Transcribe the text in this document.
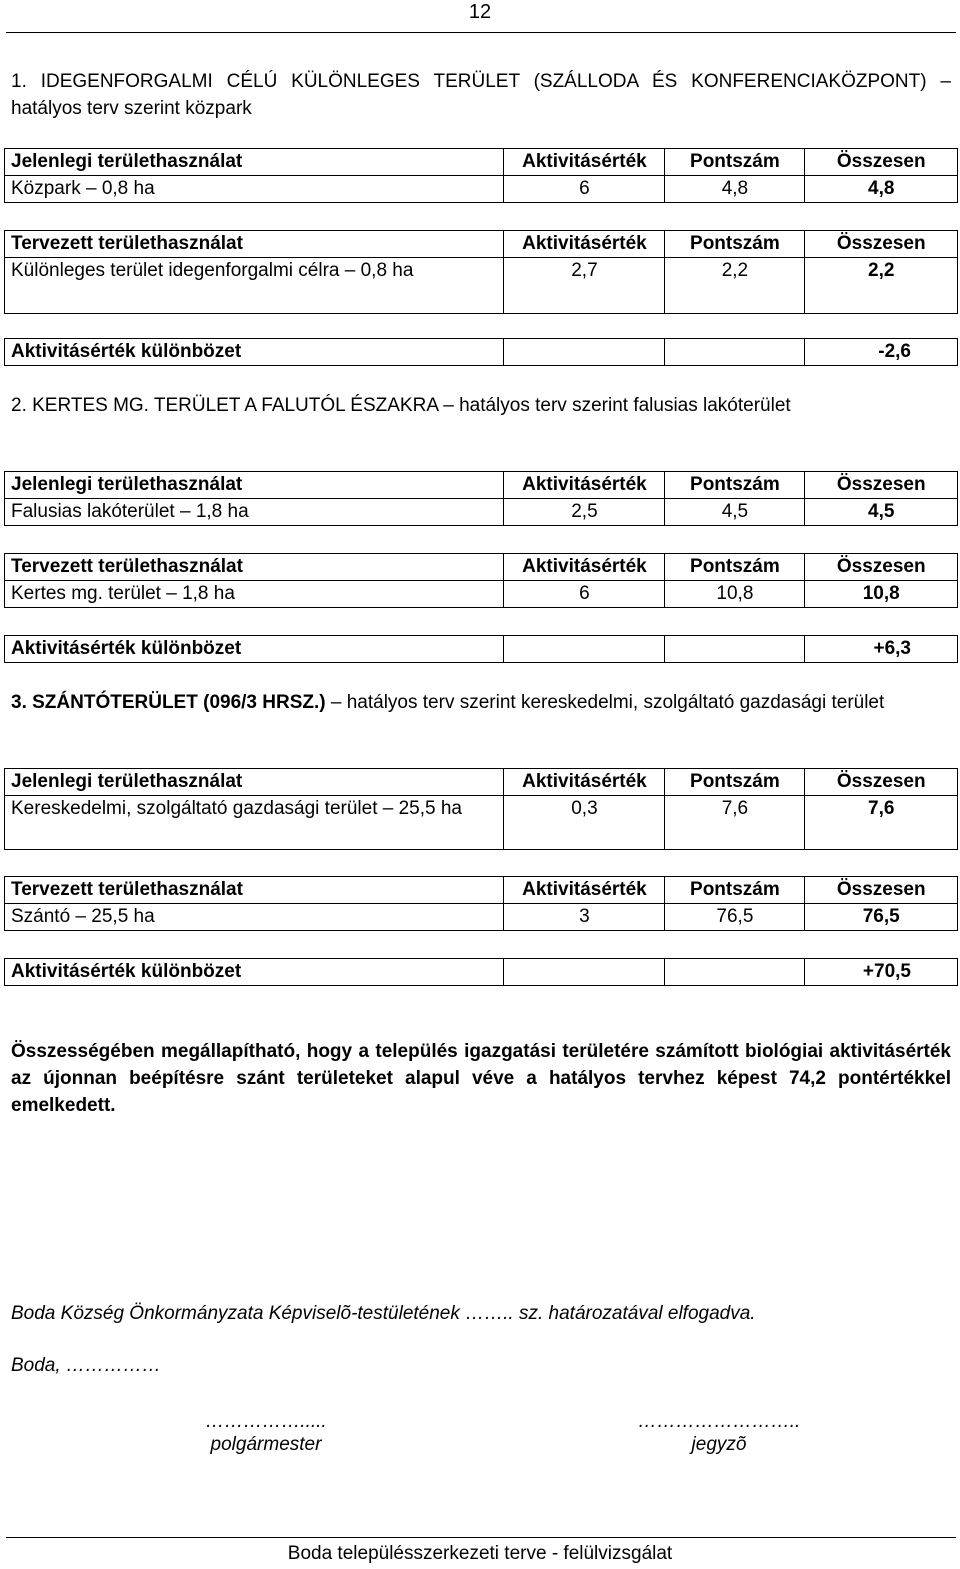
12
1. IDEGENFORGALMI CÉLÚ KÜLÖNLEGES TERÜLET (SZÁLLODA ÉS KONFERENCIAKÖZPONT) – hatályos terv szerint közpark
Jelenlegi területhasználat	Aktivitásérték	Pontszám	Összesen
Közpark – 0,8 ha	6	4,8	4,8
Tervezett területhasználat	Aktivitásérték	Pontszám	Összesen
Különleges terület idegenforgalmi célra – 0,8 ha	2,7	2,2	2,2
Aktivitásérték különbözet			-2,6
2. KERTES MG. TERÜLET A FALUTÓL ÉSZAKRA – hatályos terv szerint falusias lakóterület
Jelenlegi területhasználat	Aktivitásérték	Pontszám	Összesen
Falusias lakóterület – 1,8 ha	2,5	4,5	4,5
Tervezett területhasználat	Aktivitásérték	Pontszám	Összesen
Kertes mg. terület – 1,8 ha	6	10,8	10,8
Aktivitásérték különbözet			+6,3
3. SZÁNTÓTERÜLET (096/3 HRSZ.) – hatályos terv szerint kereskedelmi, szolgáltató gazdasági terület
Jelenlegi területhasználat	Aktivitásérték	Pontszám	Összesen
Kereskedelmi, szolgáltató gazdasági terület – 25,5 ha	0,3	7,6	7,6
Tervezett területhasználat	Aktivitásérték	Pontszám	Összesen
Szántó – 25,5 ha	3	76,5	76,5
Aktivitásérték különbözet			+70,5
Összességében megállapítható, hogy a település igazgatási területére számított biológiai aktivitásérték az újonnan beépítésre szánt területeket alapul véve a hatályos tervhez képest 74,2 pontértékkel emelkedett.
Boda Község Önkormányzata Képviselõ-testületének …….. sz. határozatával elfogadva.
Boda, ……………
…………….....
polgármester
……………………..
jegyzõ
Boda településszerkezeti terve - felülvizsgálat
